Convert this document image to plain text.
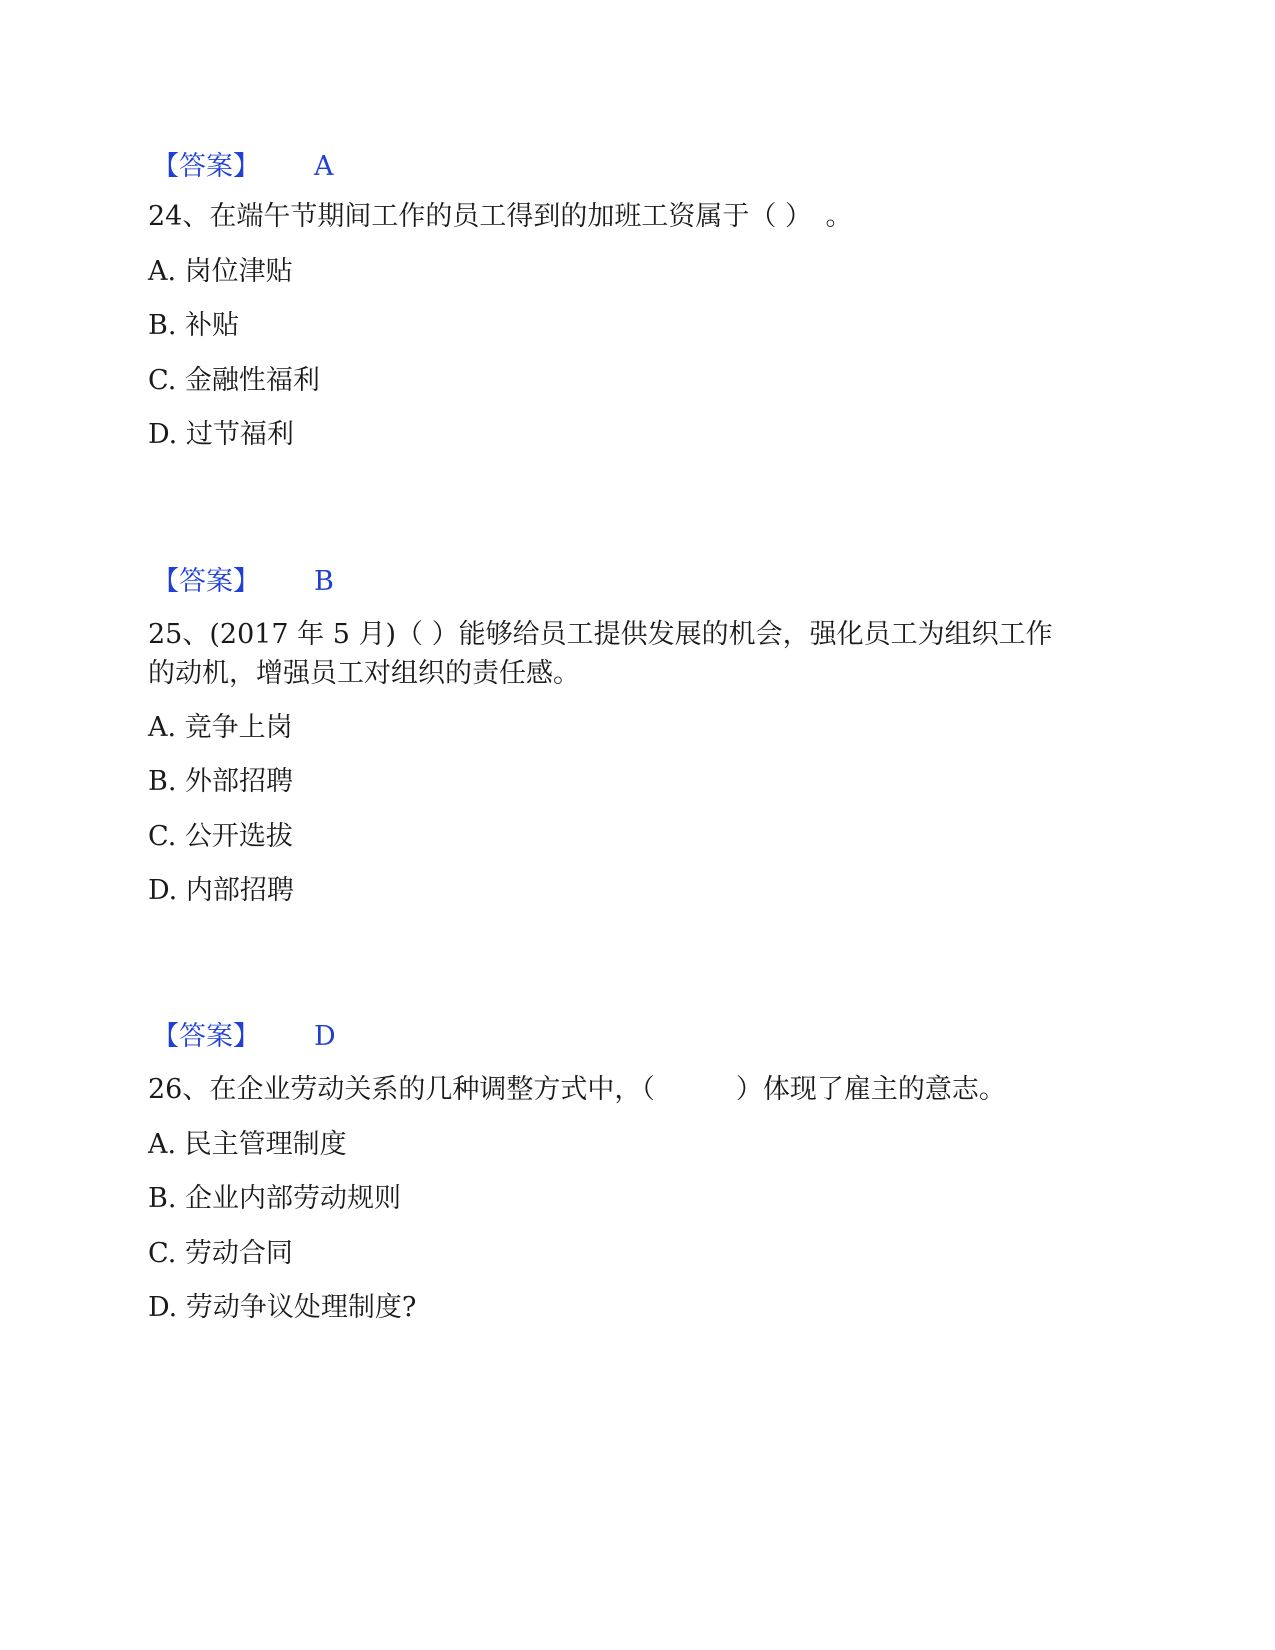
【答案】 A
24、在端午节期间工作的员工得到的加班工资属于（ ）　。
A. 岗位津贴
B. 补贴
C. 金融性福利
D. 过节福利
【答案】 B
25、(2017 年 5 月)（ ）能够给员工提供发展的机会，强化员工为组织工作
的动机，增强员工对组织的责任感。
A. 竞争上岗
B. 外部招聘
C. 公开选拔
D. 内部招聘
【答案】 D
26、在企业劳动关系的几种调整方式中，（　　　）体现了雇主的意志。
A. 民主管理制度
B. 企业内部劳动规则
C. 劳动合同
D. 劳动争议处理制度?
